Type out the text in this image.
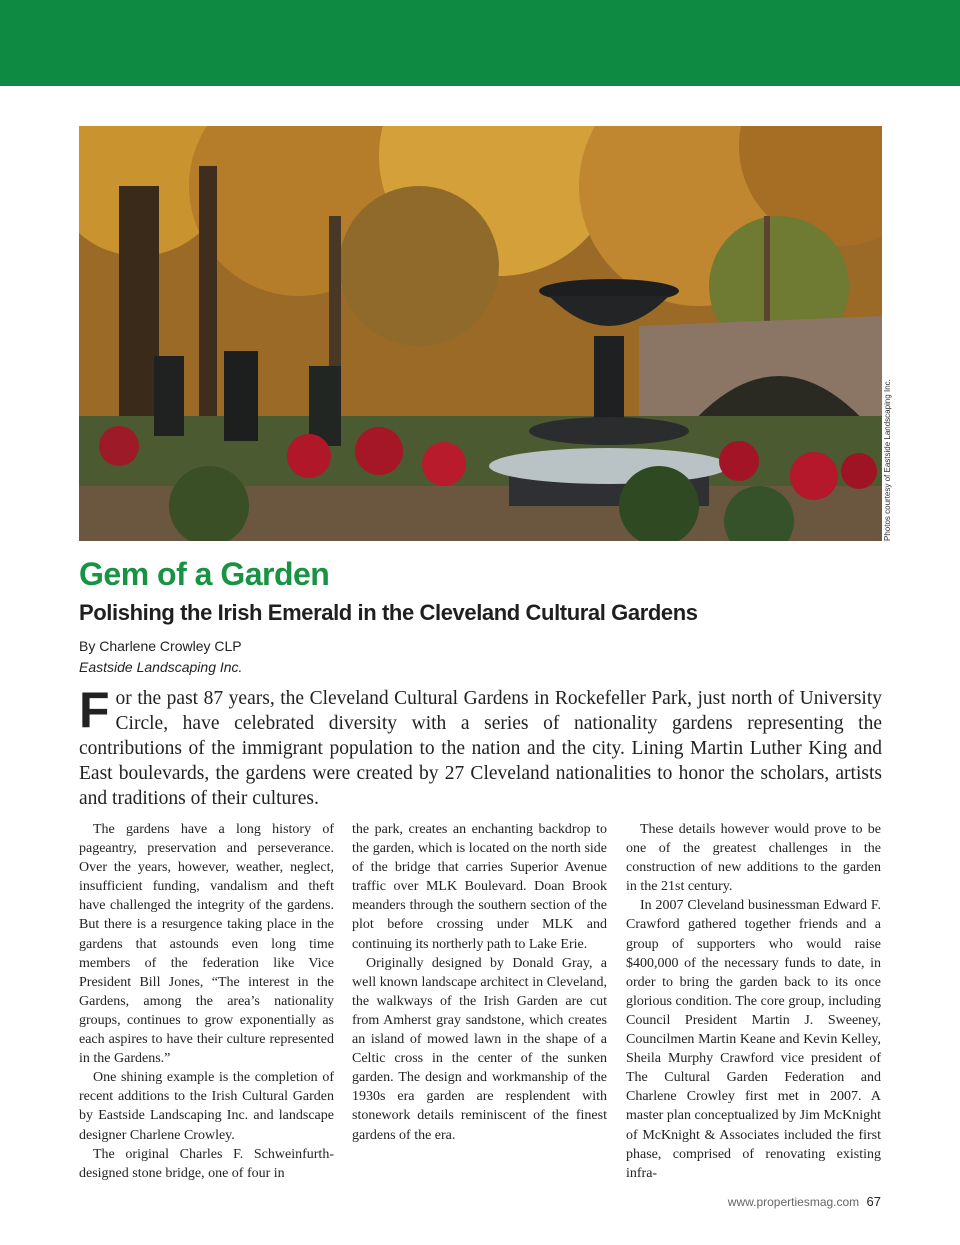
Photos courtesy of Eastside Landscaping Inc.
Gem of a Garden
Polishing the Irish Emerald in the Cleveland Cultural Gardens

By Charlene Crowley CLP

Eastside Landscaping Inc.

For the past 87 years, the Cleveland Cultural Gardens in Rockefeller Park, just north of University Circle, have celebrated diversity with a series of nationality gardens representing the contributions of the immigrant population to the nation and the city. Lining Martin Luther King and East boulevards, the gardens were created by 27 Cleveland nationalities to honor the scholars, artists and traditions of their cultures.

The gardens have a long history of pageantry, preservation and perseverance. Over the years, however, weather, neglect, insufficient funding, vandalism and theft have challenged the integrity of the gardens. But there is a resurgence taking place in the gardens that astounds even long time members of the federation like Vice President Bill Jones, “The interest in the Gardens, among the area’s nationality groups, continues to grow exponentially as each aspires to have their culture represented in the Gardens.”

One shining example is the completion of recent additions to the Irish Cultural Garden by Eastside Landscaping Inc. and landscape designer Charlene Crowley.

The original Charles F. Schweinfurth-designed stone bridge, one of four in

the park, creates an enchanting backdrop to the garden, which is located on the north side of the bridge that carries Superior Avenue traffic over MLK Boulevard. Doan Brook meanders through the southern section of the plot before crossing under MLK and continuing its northerly path to Lake Erie.

Originally designed by Donald Gray, a well known landscape architect in Cleveland, the walkways of the Irish Garden are cut from Amherst gray sandstone, which creates an island of mowed lawn in the shape of a Celtic cross in the center of the sunken garden. The design and workmanship of the 1930s era garden are resplendent with stonework details reminiscent of the finest gardens of the era.

These details however would prove to be one of the greatest challenges in the construction of new additions to the garden in the 21st century.

In 2007 Cleveland businessman Edward F. Crawford gathered together friends and a group of supporters who would raise $400,000 of the necessary funds to date, in order to bring the garden back to its once glorious condition. The core group, including Council President Martin J. Sweeney, Councilmen Martin Keane and Kevin Kelley, Sheila Murphy Crawford vice president of The Cultural Garden Federation and Charlene Crowley first met in 2007. A master plan conceptualized by Jim McKnight of McKnight & Associates included the first phase, comprised of renovating existing infra-

www.propertiesmag.com 67
